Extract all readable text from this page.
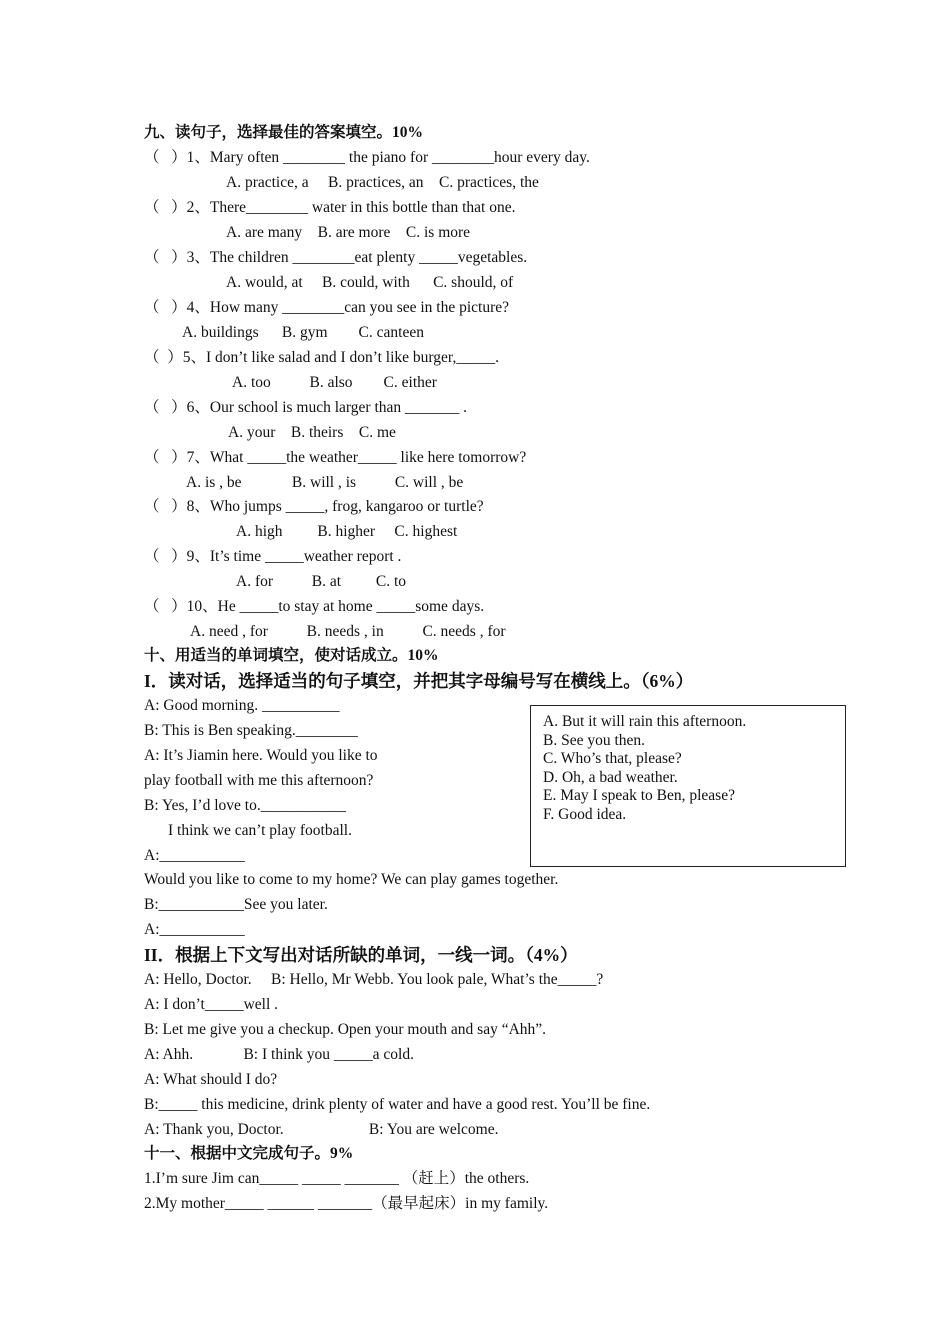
九、读句子，选择最佳的答案填空。10%
（   ）1、Mary often ________ the piano for ________hour every day.
A. practice, a     B. practices, an    C. practices, the
（   ）2、There________ water in this bottle than that one.
A. are many    B. are more    C. is more
（   ）3、The children ________eat plenty _____vegetables.
A. would, at     B. could, with      C. should, of
（   ）4、How many ________can you see in the picture?
A. buildings      B. gym        C. canteen
（  ）5、I don’t like salad and I don’t like burger,_____.
A. too          B. also        C. either
（   ）6、Our school is much larger than _______ .
A. your    B. theirs    C. me
（   ）7、What _____the weather_____ like here tomorrow?
A. is , be             B. will , is          C. will , be
（   ）8、Who jumps _____, frog, kangaroo or turtle?
A. high         B. higher     C. highest
（   ）9、It’s time _____weather report .
A. for          B. at         C. to
（   ）10、He _____to stay at home _____some days.
A. need , for          B. needs , in          C. needs , for
十、用适当的单词填空，使对话成立。10%
I．读对话，选择适当的句子填空，并把其字母编号写在横线上。（6%）
A: Good morning. __________
B: This is Ben speaking.________
A: It’s Jiamin here. Would you like to
play football with me this afternoon?
B: Yes, I’d love to.___________
I think we can’t play football.
A:___________
Would you like to come to my home? We can play games together.
B:___________See you later.
A:___________
A. But it will rain this afternoon.
B. See you then.
C. Who’s that, please?
D. Oh, a bad weather.
E. May I speak to Ben, please?
F. Good idea.
II．根据上下文写出对话所缺的单词，一线一词。（4%）
A: Hello, Doctor.     B: Hello, Mr Webb. You look pale, What’s the_____?
A: I don’t_____well .
B: Let me give you a checkup. Open your mouth and say “Ahh”.
A: Ahh.             B: I think you _____a cold.
A: What should I do?
B:_____ this medicine, drink plenty of water and have a good rest. You’ll be fine.
A: Thank you, Doctor.                      B: You are welcome.
十一、根据中文完成句子。9%
1.I’m sure Jim can_____ _____ _______ （赶上）the others.
2.My mother_____ ______ _______（最早起床）in my family.
